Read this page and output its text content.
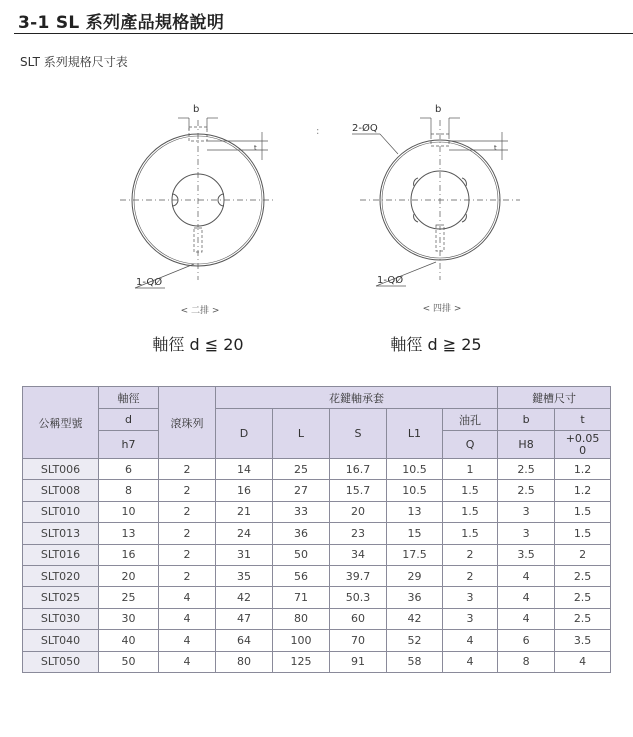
3-1 SL 系列產品規格說明
SLT 系列規格尺寸表
b
t
1-QØ
:
b
t
2-ØQ
1-QØ
< 二排 >	< 四排 >
軸徑 d ≦ 20	軸徑 d ≧ 25
公稱型號	軸徑	滾珠列	花鍵軸承套					鍵槽尺寸	
	d		D	L	S	L1	油孔	b	t
	h7						Q	H8	+0.05
0
SLT006	6	2	14	25	16.7	10.5	1	2.5	1.2
SLT008	8	2	16	27	15.7	10.5	1.5	2.5	1.2
SLT010	10	2	21	33	20	13	1.5	3	1.5
SLT013	13	2	24	36	23	15	1.5	3	1.5
SLT016	16	2	31	50	34	17.5	2	3.5	2
SLT020	20	2	35	56	39.7	29	2	4	2.5
SLT025	25	4	42	71	50.3	36	3	4	2.5
SLT030	30	4	47	80	60	42	3	4	2.5
SLT040	40	4	64	100	70	52	4	6	3.5
SLT050	50	4	80	125	91	58	4	8	4
